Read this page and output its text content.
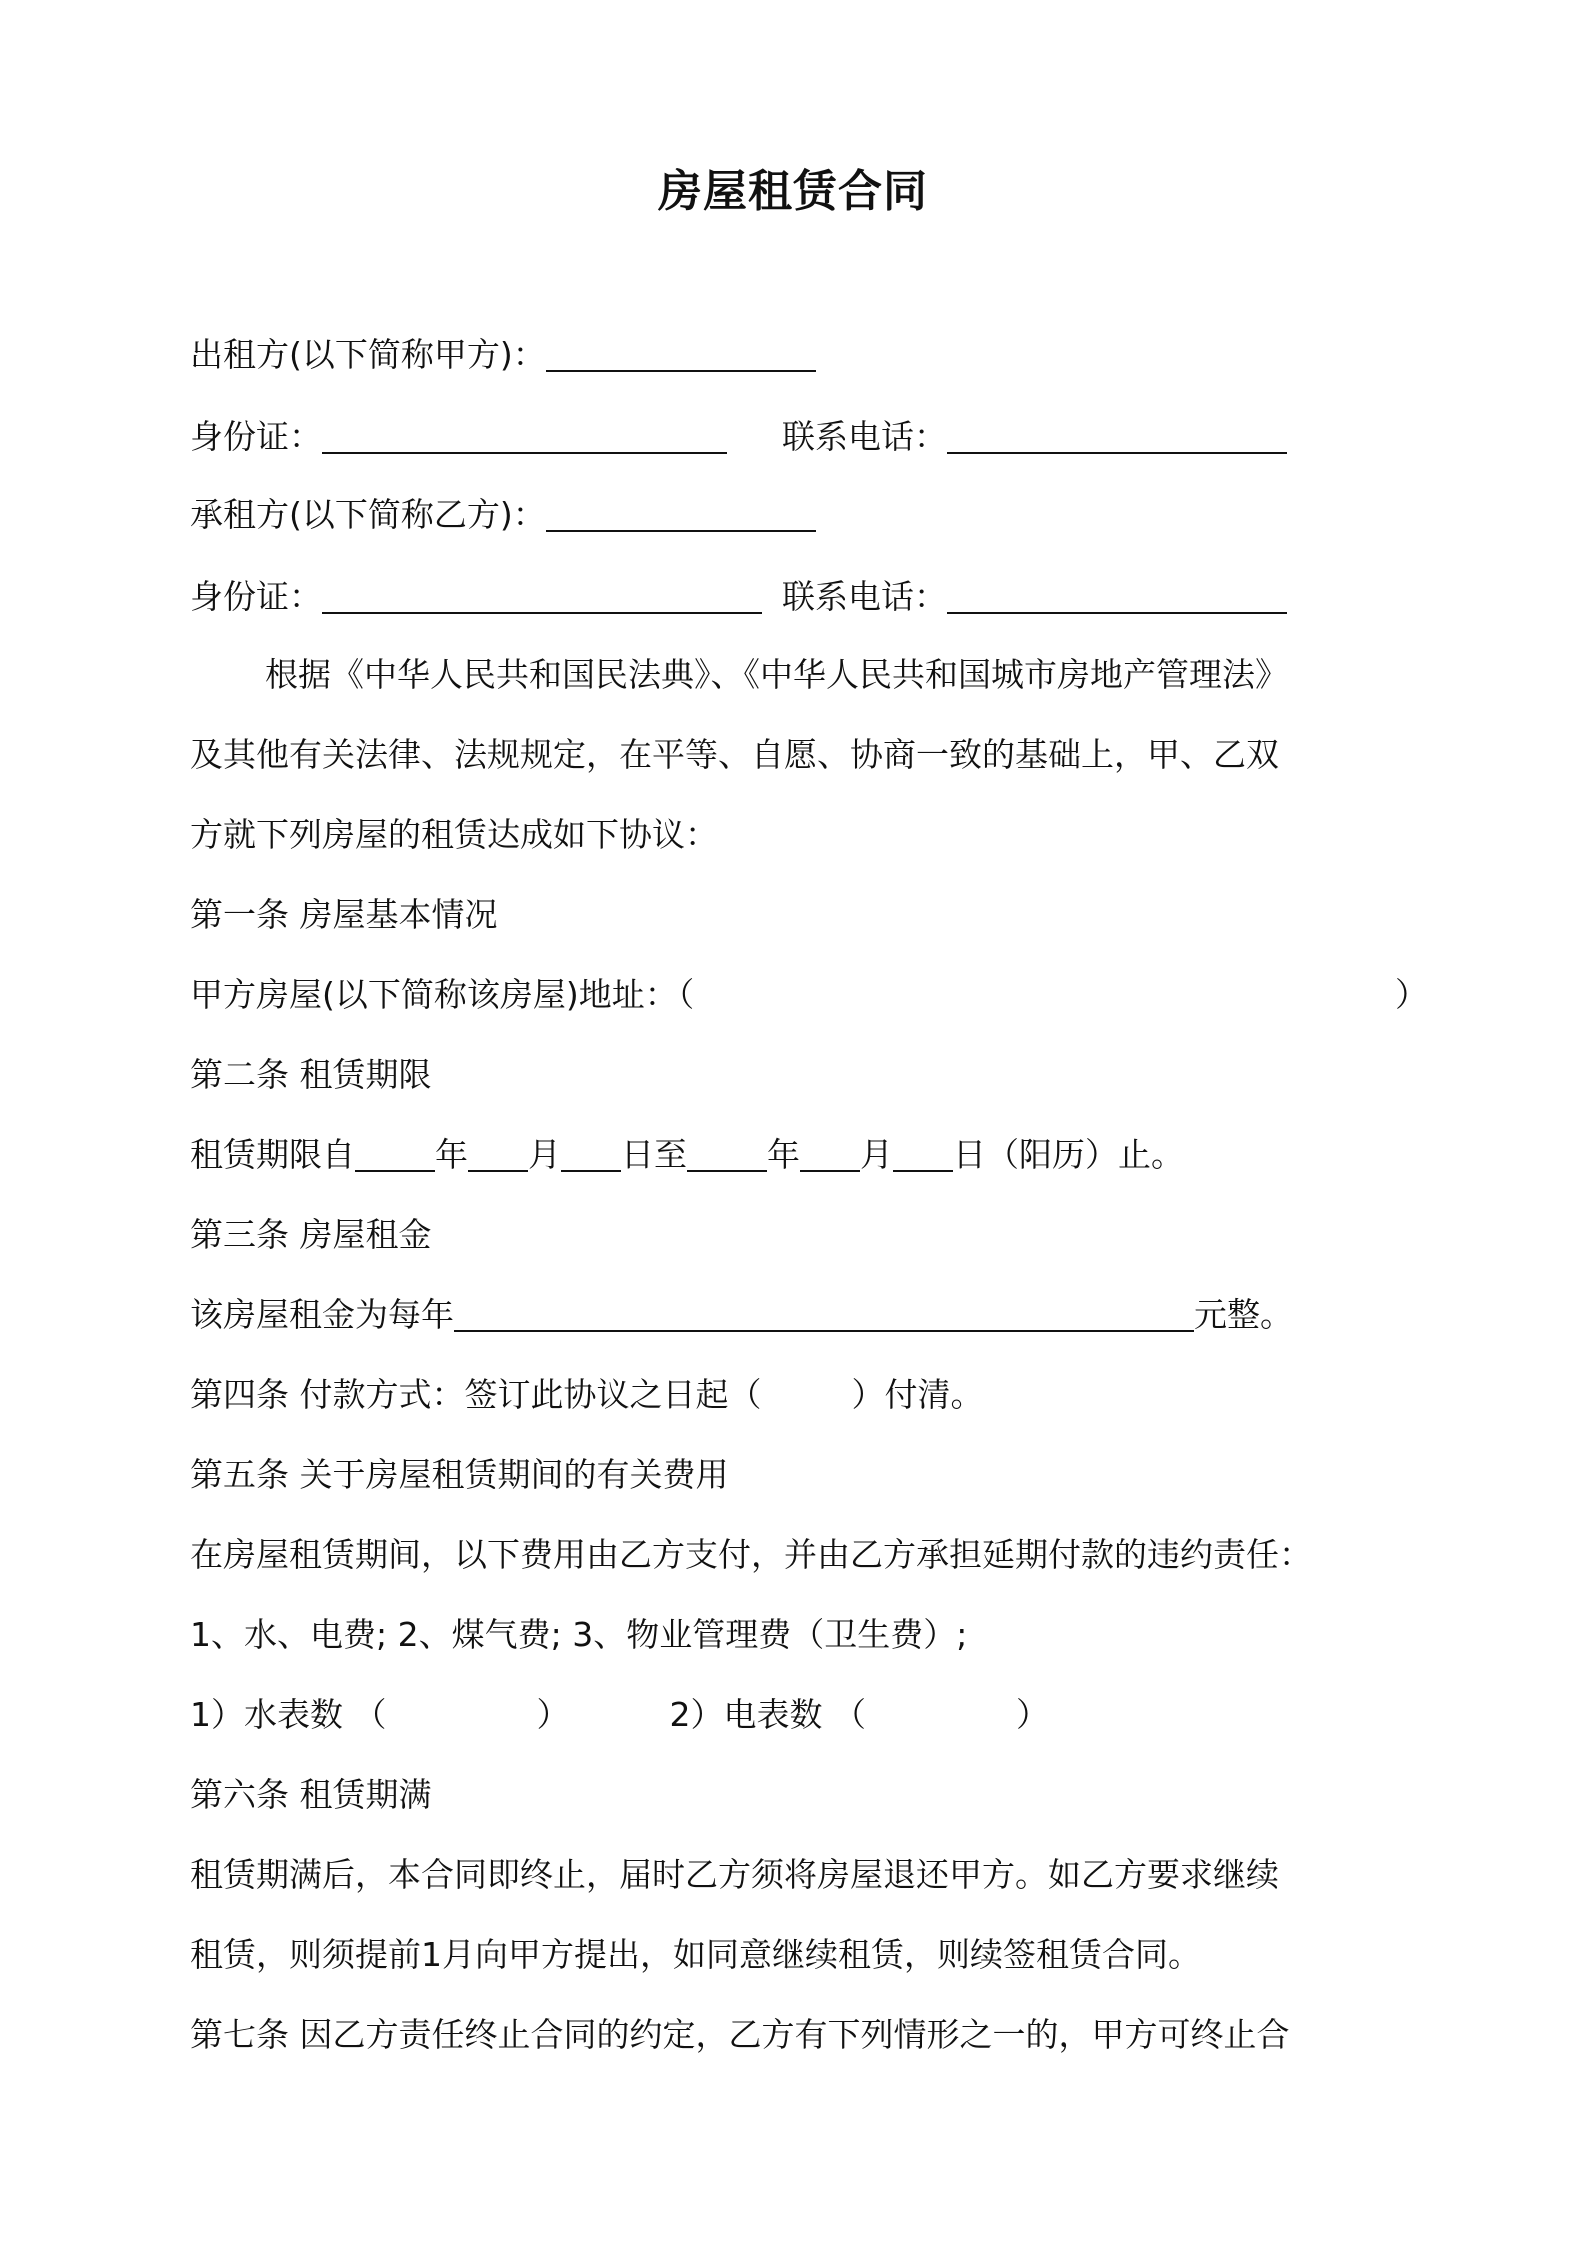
房屋租赁合同
出租方(以下简称甲方)：
身份证：	联系电话：
承租方(以下简称乙方)：
身份证：	联系电话：
根据《中华人民共和国民法典》、《中华人民共和国城市房地产管理法》
及其他有关法律、法规规定，在平等、自愿、协商一致的基础上，甲、乙双
方就下列房屋的租赁达成如下协议：
第一条 房屋基本情况
甲方房屋(以下简称该房屋)地址：（	）
第二条 租赁期限
租赁期限自 年 月 日至 年 月 日（阳历）止。
第三条 房屋租金
该房屋租金为每年	元整。
第四条 付款方式：签订此协议之日起（	）付清。
第五条 关于房屋租赁期间的有关费用
在房屋租赁期间，以下费用由乙方支付，并由乙方承担延期付款的违约责任：
1、水、电费; 2、煤气费; 3、物业管理费（卫生费）;
1）水表数 （	）	2）电表数 （	）
第六条 租赁期满
租赁期满后，本合同即终止，届时乙方须将房屋退还甲方。如乙方要求继续
租赁，则须提前1月向甲方提出，如同意继续租赁，则续签租赁合同。
第七条 因乙方责任终止合同的约定，乙方有下列情形之一的，甲方可终止合
